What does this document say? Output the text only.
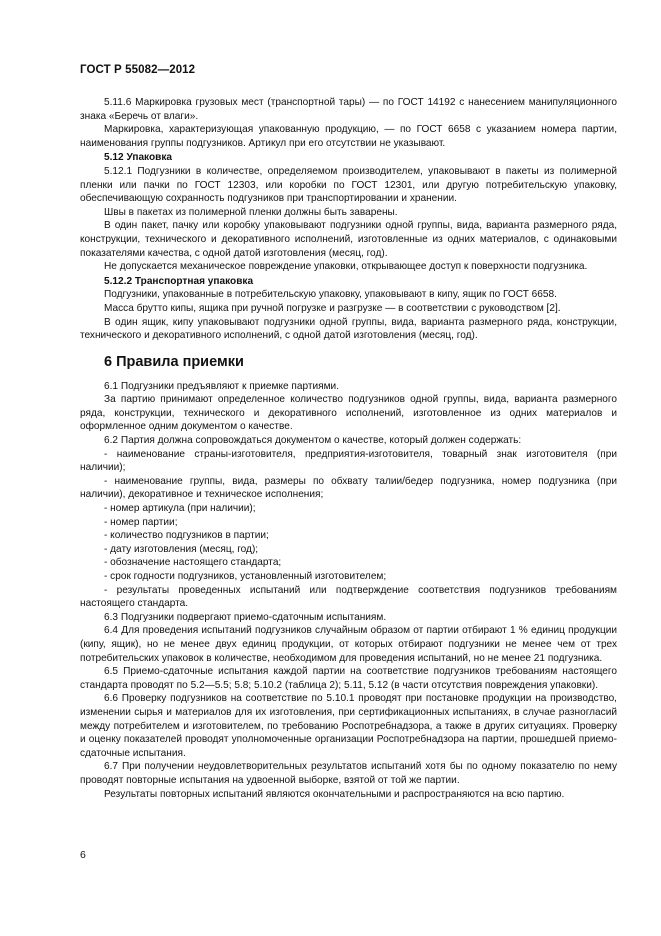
ГОСТ Р 55082—2012

5.11.6 Маркировка грузовых мест (транспортной тары) — по ГОСТ 14192 с нанесением манипуляционного знака «Беречь от влаги».

Маркировка, характеризующая упакованную продукцию, — по ГОСТ 6658 с указанием номера партии, наименования группы подгузников. Артикул при его отсутствии не указывают.

5.12 Упаковка

5.12.1 Подгузники в количестве, определяемом производителем, упаковывают в пакеты из полимерной пленки или пачки по ГОСТ 12303, или коробки по ГОСТ 12301, или другую потребительскую упаковку, обеспечивающую сохранность подгузников при транспортировании и хранении.

Швы в пакетах из полимерной пленки должны быть заварены.

В один пакет, пачку или коробку упаковывают подгузники одной группы, вида, варианта размерного ряда, конструкции, технического и декоративного исполнений, изготовленные из одних материалов, с одинаковыми показателями качества, с одной датой изготовления (месяц, год).

Не допускается механическое повреждение упаковки, открывающее доступ к поверхности подгузника.

5.12.2 Транспортная упаковка

Подгузники, упакованные в потребительскую упаковку, упаковывают в кипу, ящик по ГОСТ 6658.

Масса брутто кипы, ящика при ручной погрузке и разгрузке — в соответствии с руководством [2].

В один ящик, кипу упаковывают подгузники одной группы, вида, варианта размерного ряда, конструкции, технического и декоративного исполнений, с одной датой изготовления (месяц, год).

6 Правила приемки

6.1 Подгузники предъявляют к приемке партиями.

За партию принимают определенное количество подгузников одной группы, вида, варианта размерного ряда, конструкции, технического и декоративного исполнений, изготовленное из одних материалов и оформленное одним документом о качестве.

6.2 Партия должна сопровождаться документом о качестве, который должен содержать:

- наименование страны-изготовителя, предприятия-изготовителя, товарный знак изготовителя (при наличии);

- наименование группы, вида, размеры по обхвату талии/бедер подгузника, номер подгузника (при наличии), декоративное и техническое исполнения;

- номер артикула (при наличии);

- номер партии;

- количество подгузников в партии;

- дату изготовления (месяц, год);

- обозначение настоящего стандарта;

- срок годности подгузников, установленный изготовителем;

- результаты проведенных испытаний или подтверждение соответствия подгузников требованиям настоящего стандарта.

6.3 Подгузники подвергают приемо-сдаточным испытаниям.

6.4 Для проведения испытаний подгузников случайным образом от партии отбирают 1 % единиц продукции (кипу, ящик), но не менее двух единиц продукции, от которых отбирают подгузники не менее чем от трех потребительских упаковок в количестве, необходимом для проведения испытаний, но не менее 21 подгузника.

6.5 Приемо-сдаточные испытания каждой партии на соответствие подгузников требованиям настоящего стандарта проводят по 5.2—5.5; 5.8; 5.10.2 (таблица 2); 5.11, 5.12 (в части отсутствия повреждения упаковки).

6.6 Проверку подгузников на соответствие по 5.10.1 проводят при постановке продукции на производство, изменении сырья и материалов для их изготовления, при сертификационных испытаниях, в случае разногласий между потребителем и изготовителем, по требованию Роспотребнадзора, а также в других ситуациях. Проверку и оценку показателей проводят уполномоченные организации Роспотребнадзора на партии, прошедшей приемо-сдаточные испытания.

6.7 При получении неудовлетворительных результатов испытаний хотя бы по одному показателю по нему проводят повторные испытания на удвоенной выборке, взятой от той же партии.

Результаты повторных испытаний являются окончательными и распространяются на всю партию.

6
